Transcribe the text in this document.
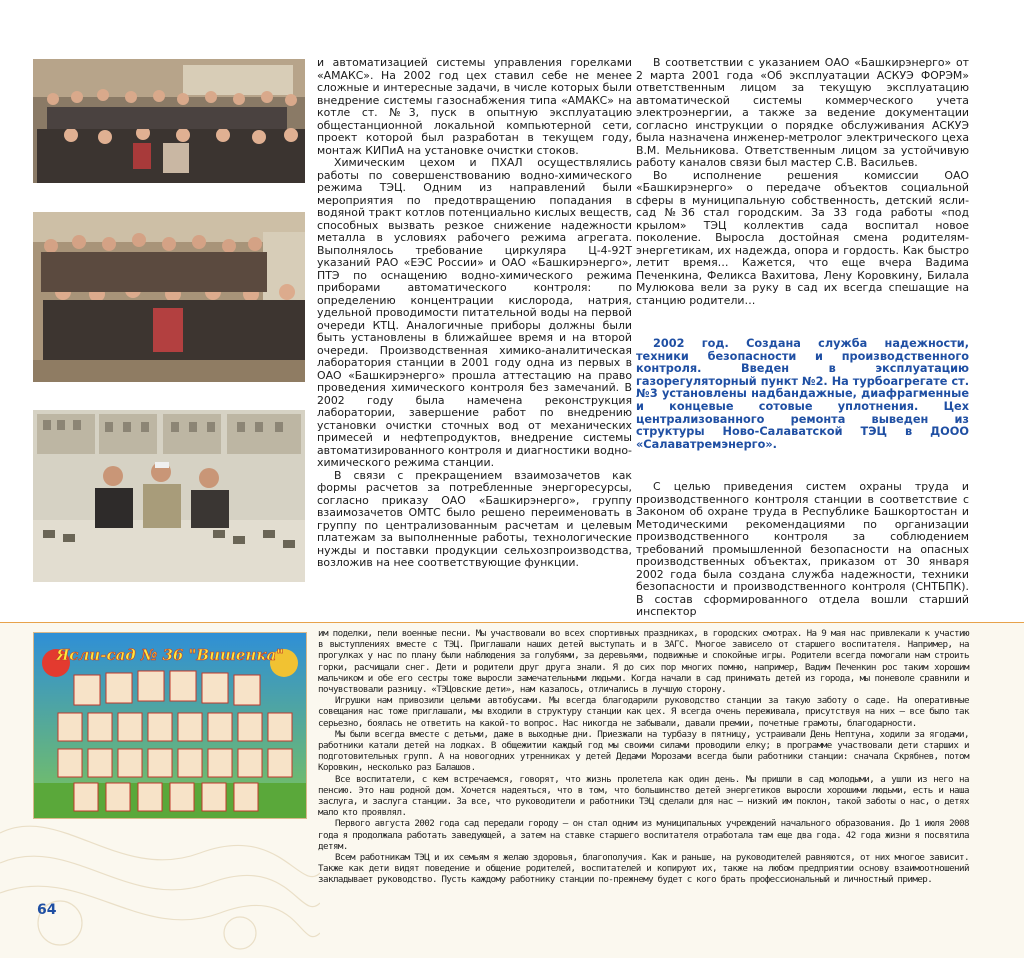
и автоматизацией системы управления горелками «АМАКС». На 2002 год цех ставил себе не менее сложные и интересные задачи, в числе которых были внедрение системы газоснабжения типа «АМАКС» на котле ст. №3, пуск в опытную эксплуатацию общестанционной локальной компьютерной сети, проект которой был разработан в текущем году, монтаж КИПиА на установке очистки стоков.

Химическим цехом и ПХАЛ осуществлялись работы по совершенствованию водно-химического режима ТЭЦ. Одним из направлений были мероприятия по предотвращению попадания в водяной тракт котлов потенциально кислых веществ, способных вызвать резкое снижение надежности металла в условиях рабочего режима агрегата. Выполнялось требование циркуляра Ц-4-92Т указаний РАО «ЕЭС России» и ОАО «Башкирэнерго», ПТЭ по оснащению водно-химического режима приборами автоматического контроля: по определению концентрации кислорода, натрия, удельной проводимости питательной воды на первой очереди КТЦ. Аналогичные приборы должны были быть установлены в ближайшее время и на второй очереди. Производственная химико-аналитическая лаборатория станции в 2001 году одна из первых в ОАО «Башкирэнерго» прошла аттестацию на право проведения химического контроля без замечаний. В 2002 году была намечена реконструкция лаборатории, завершение работ по внедрению установки очистки сточных вод от механических примесей и нефтепродуктов, внедрение системы автоматизированного контроля и диагностики водно-химического режима станции.

В связи с прекращением взаимозачетов как формы расчетов за потребленные энергоресурсы, согласно приказу ОАО «Башкирэнерго», группу взаимозачетов ОМТС было решено переименовать в группу по централизованным расчетам и целевым платежам за выполненные работы, технологические нужды и поставки продукции сельхозпроизводства, возложив на нее соответствующие функции.

В соответствии с указанием ОАО «Башкирэнерго» от 2 марта 2001 года «Об эксплуатации АСКУЭ ФОРЭМ» ответственным лицом за текущую эксплуатацию автоматической системы коммерческого учета электроэнергии, а также за ведение документации согласно инструкции о порядке обслуживания АСКУЭ была назначена инженер-метролог электрического цеха В.М. Мельникова. Ответственным лицом за устойчивую работу каналов связи был мастер С.В. Васильев.

Во исполнение решения комиссии ОАО «Башкирэнерго» о передаче объектов социальной сферы в муниципальную собственность, детский ясли-сад №36 стал городским. За 33 года работы «под крылом» ТЭЦ коллектив сада воспитал новое поколение. Выросла достойная смена родителям-энергетикам, их надежда, опора и гордость. Как быстро летит время… Кажется, что еще вчера Вадима Печенкина, Феликса Вахитова, Лену Коровкину, Билала Мулюкова вели за руку в сад их всегда спешащие на станцию родители…

2002 год. Создана служба надежности, техники безопасности и производственного контроля. Введен в эксплуатацию газорегуляторный пункт №2. На турбоагрегате ст. №3 установлены надбандажные, диафрагменные и концевые сотовые уплотнения. Цех централизованного ремонта выведен из структуры Ново-Салаватской ТЭЦ в ДООО «Салаватремэнерго».

С целью приведения систем охраны труда и производственного контроля станции в соответствие с Законом об охране труда в Республике Башкортостан и Методическими рекомендациями по организации производственного контроля за соблюдением требований промышленной безопасности на опасных производственных объектах, приказом от 30 января 2002 года была создана служба надежности, техники безопасности и производственного контроля (СНТБПК). В состав сформированного отдела вошли старший инспектор

Ясли-сад № 36 "Вишенка"

им поделки, пели военные песни. Мы участвовали во всех спортивных праздниках, в городских смотрах. На 9 мая нас привлекали к участию в выступлениях вместе с ТЭЦ. Приглашали наших детей выступать и в ЗАГС. Многое зависело от старшего воспитателя. Например, на прогулках у нас по плану были наблюдения за голубями, за деревьями, подвижные и спокойные игры. Родители всегда помогали нам строить горки, расчищали снег. Дети и родители друг друга знали. Я до сих пор многих помню, например, Вадим Печенкин рос таким хорошим мальчиком и обе его сестры тоже выросли замечательными людьми. Когда начали в сад принимать детей из города, мы поневоле сравнили и почувствовали разницу. «ТЭЦовские дети», нам казалось, отличались в лучшую сторону.

Игрушки нам привозили целыми автобусами. Мы всегда благодарили руководство станции за такую заботу о саде. На оперативные совещания нас тоже приглашали, мы входили в структуру станции как цех. Я всегда очень переживала, присутствуя на них – все было так серьезно, боялась не ответить на какой-то вопрос. Нас никогда не забывали, давали премии, почетные грамоты, благодарности.

Мы были всегда вместе с детьми, даже в выходные дни. Приезжали на турбазу в пятницу, устраивали День Нептуна, ходили за ягодами, работники катали детей на лодках. В общежитии каждый год мы своими силами проводили елку; в программе участвовали дети старших и подготовительных групп. А на новогодних утренниках у детей Дедами Морозами всегда были работники станции: сначала Скрябнев, потом Коровкин, несколько раз Балашов.

Все воспитатели, с кем встречаемся, говорят, что жизнь пролетела как один день. Мы пришли в сад молодыми, а ушли из него на пенсию. Это наш родной дом. Хочется надеяться, что в том, что большинство детей энергетиков выросли хорошими людьми, есть и наша заслуга, и заслуга станции. За все, что руководители и работники ТЭЦ сделали для нас – низкий им поклон, такой заботы о нас, о детях мало кто проявлял.

Первого августа 2002 года сад передали городу – он стал одним из муниципальных учреждений начального образования. До 1 июля 2008 года я продолжала работать заведующей, а затем на ставке старшего воспитателя отработала там еще два года. 42 года жизни я посвятила детям.

Всем работникам ТЭЦ и их семьям я желаю здоровья, благополучия. Как и раньше, на руководителей равняются, от них многое зависит. Также как дети видят поведение и общение родителей, воспитателей и копируют их, также на любом предприятии основу взаимоотношений закладывает руководство. Пусть каждому работнику станции по-прежнему будет с кого брать профессиональный и личностный пример.

64
